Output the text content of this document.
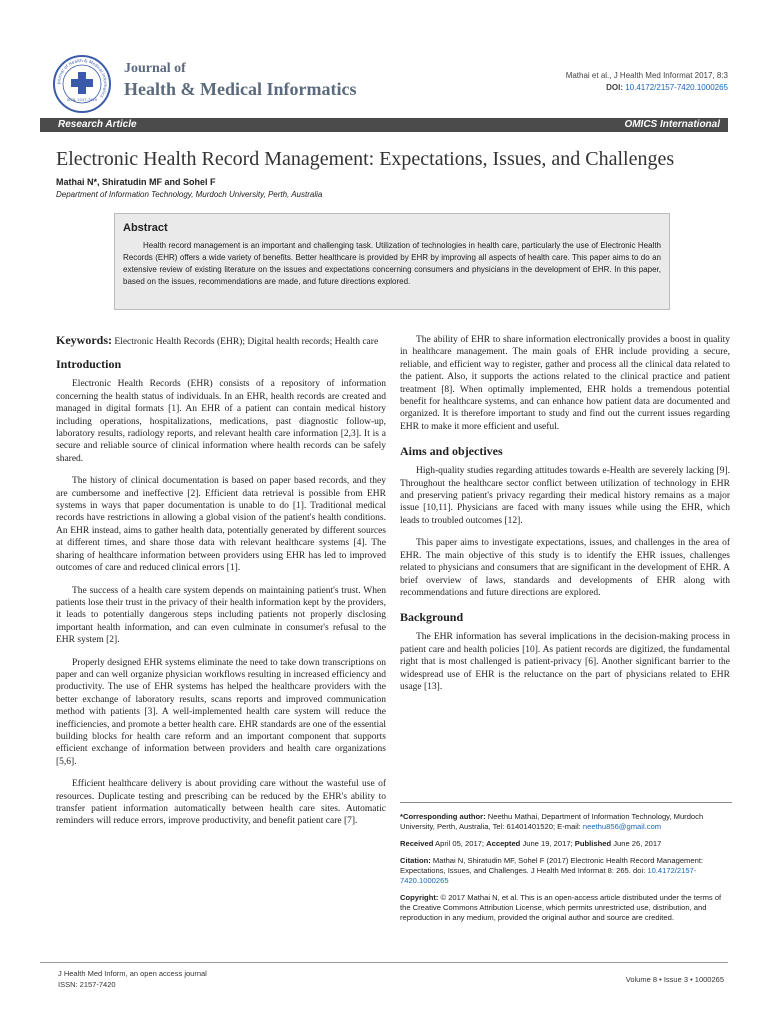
Journal of Health & Medical Informatics
ISSN: 2157-7420
Journal of
Health & Medical Informatics
Mathai et al., J Health Med Informat 2017, 8:3
DOI: 10.4172/2157-7420.1000265
Research Article	OMICS International
Electronic Health Record Management: Expectations, Issues, and Challenges
Mathai N*, Shiratudin MF and Sohel F
Department of Information Technology, Murdoch University, Perth, Australia
Abstract

Health record management is an important and challenging task. Utilization of technologies in health care, particularly the use of Electronic Health Records (EHR) offers a wide variety of benefits. Better healthcare is provided by EHR by improving all aspects of health care. This paper aims to do an extensive review of existing literature on the issues and expectations concerning consumers and physicians in the development of EHR. In this paper, based on the issues, recommendations are made, and future directions explored.

Keywords: Electronic Health Records (EHR); Digital health records; Health care

Introduction

Electronic Health Records (EHR) consists of a repository of information concerning the health status of individuals. In an EHR, health records are created and managed in digital formats [1]. An EHR of a patient can contain medical history including operations, hospitalizations, medications, past diagnostic follow-up, laboratory results, radiology reports, and relevant health care information [2,3]. It is a secure and reliable source of clinical information where health records can be safely shared.

The history of clinical documentation is based on paper based records, and they are cumbersome and ineffective [2]. Efficient data retrieval is possible from EHR systems in ways that paper documentation is unable to do [1]. Traditional medical records have restrictions in allowing a global vision of the patient's health conditions. An EHR instead, aims to gather health data, potentially generated by different sources at different times, and share those data with relevant healthcare systems [4]. The sharing of healthcare information between providers using EHR has led to improved outcomes of care and reduced clinical errors [1].

The success of a health care system depends on maintaining patient's trust. When patients lose their trust in the privacy of their health information kept by the providers, it leads to potentially dangerous steps including patients not properly disclosing important health information, and can even culminate in consumer's refusal to the EHR system [2].

Properly designed EHR systems eliminate the need to take down transcriptions on paper and can well organize physician workflows resulting in increased efficiency and productivity. The use of EHR systems has helped the healthcare providers with the better exchange of laboratory results, scans reports and improved communication method with patients [3]. A well-implemented health care system will reduce the inefficiencies, and promote a better health care. EHR standards are one of the essential building blocks for health care reform and an important component that supports efficient exchange of information between providers and health care organizations [5,6].

Efficient healthcare delivery is about providing care without the wasteful use of resources. Duplicate testing and prescribing can be reduced by the EHR's ability to transfer patient information automatically between health care sites. Automatic reminders will reduce errors, improve productivity, and benefit patient care [7].

The ability of EHR to share information electronically provides a boost in quality in healthcare management. The main goals of EHR include providing a secure, reliable, and efficient way to register, gather and process all the clinical data related to the patient. Also, it supports the actions related to the clinical practice and patient treatment [8]. When optimally implemented, EHR holds a tremendous potential benefit for healthcare systems, and can enhance how patient data are documented and organized. It is therefore important to study and find out the current issues regarding EHR to make it more efficient and useful.

Aims and objectives

High-quality studies regarding attitudes towards e-Health are severely lacking [9]. Throughout the healthcare sector conflict between utilization of technology in EHR and preserving patient's privacy regarding their medical history remains as a major issue [10,11]. Physicians are faced with many issues while using the EHR, which leads to troubled outcomes [12].

This paper aims to investigate expectations, issues, and challenges in the area of EHR. The main objective of this study is to identify the EHR issues, challenges related to physicians and consumers that are significant in the development of EHR. A brief overview of laws, standards and developments of EHR along with recommendations and future directions are explored.

Background

The EHR information has several implications in the decision-making process in patient care and health policies [10]. As patient records are digitized, the fundamental right that is most challenged is patient-privacy [6]. Another significant barrier to the widespread use of EHR is the reluctance on the part of physicians related to EHR usage [13].

*Corresponding author: Neethu Mathai, Department of Information Technology, Murdoch University, Perth, Australia, Tel: 61401401520; E-mail: neethu856@gmail.com

Received April 05, 2017; Accepted June 19, 2017; Published June 26, 2017

Citation: Mathai N, Shiratudin MF, Sohel F (2017) Electronic Health Record Management: Expectations, Issues, and Challenges. J Health Med Informat 8: 265. doi: 10.4172/2157-7420.1000265

Copyright: © 2017 Mathai N, et al. This is an open-access article distributed under the terms of the Creative Commons Attribution License, which permits unrestricted use, distribution, and reproduction in any medium, provided the original author and source are credited.

J Health Med Inform, an open access journal
ISSN: 2157-7420
Volume 8 • Issue 3 • 1000265
